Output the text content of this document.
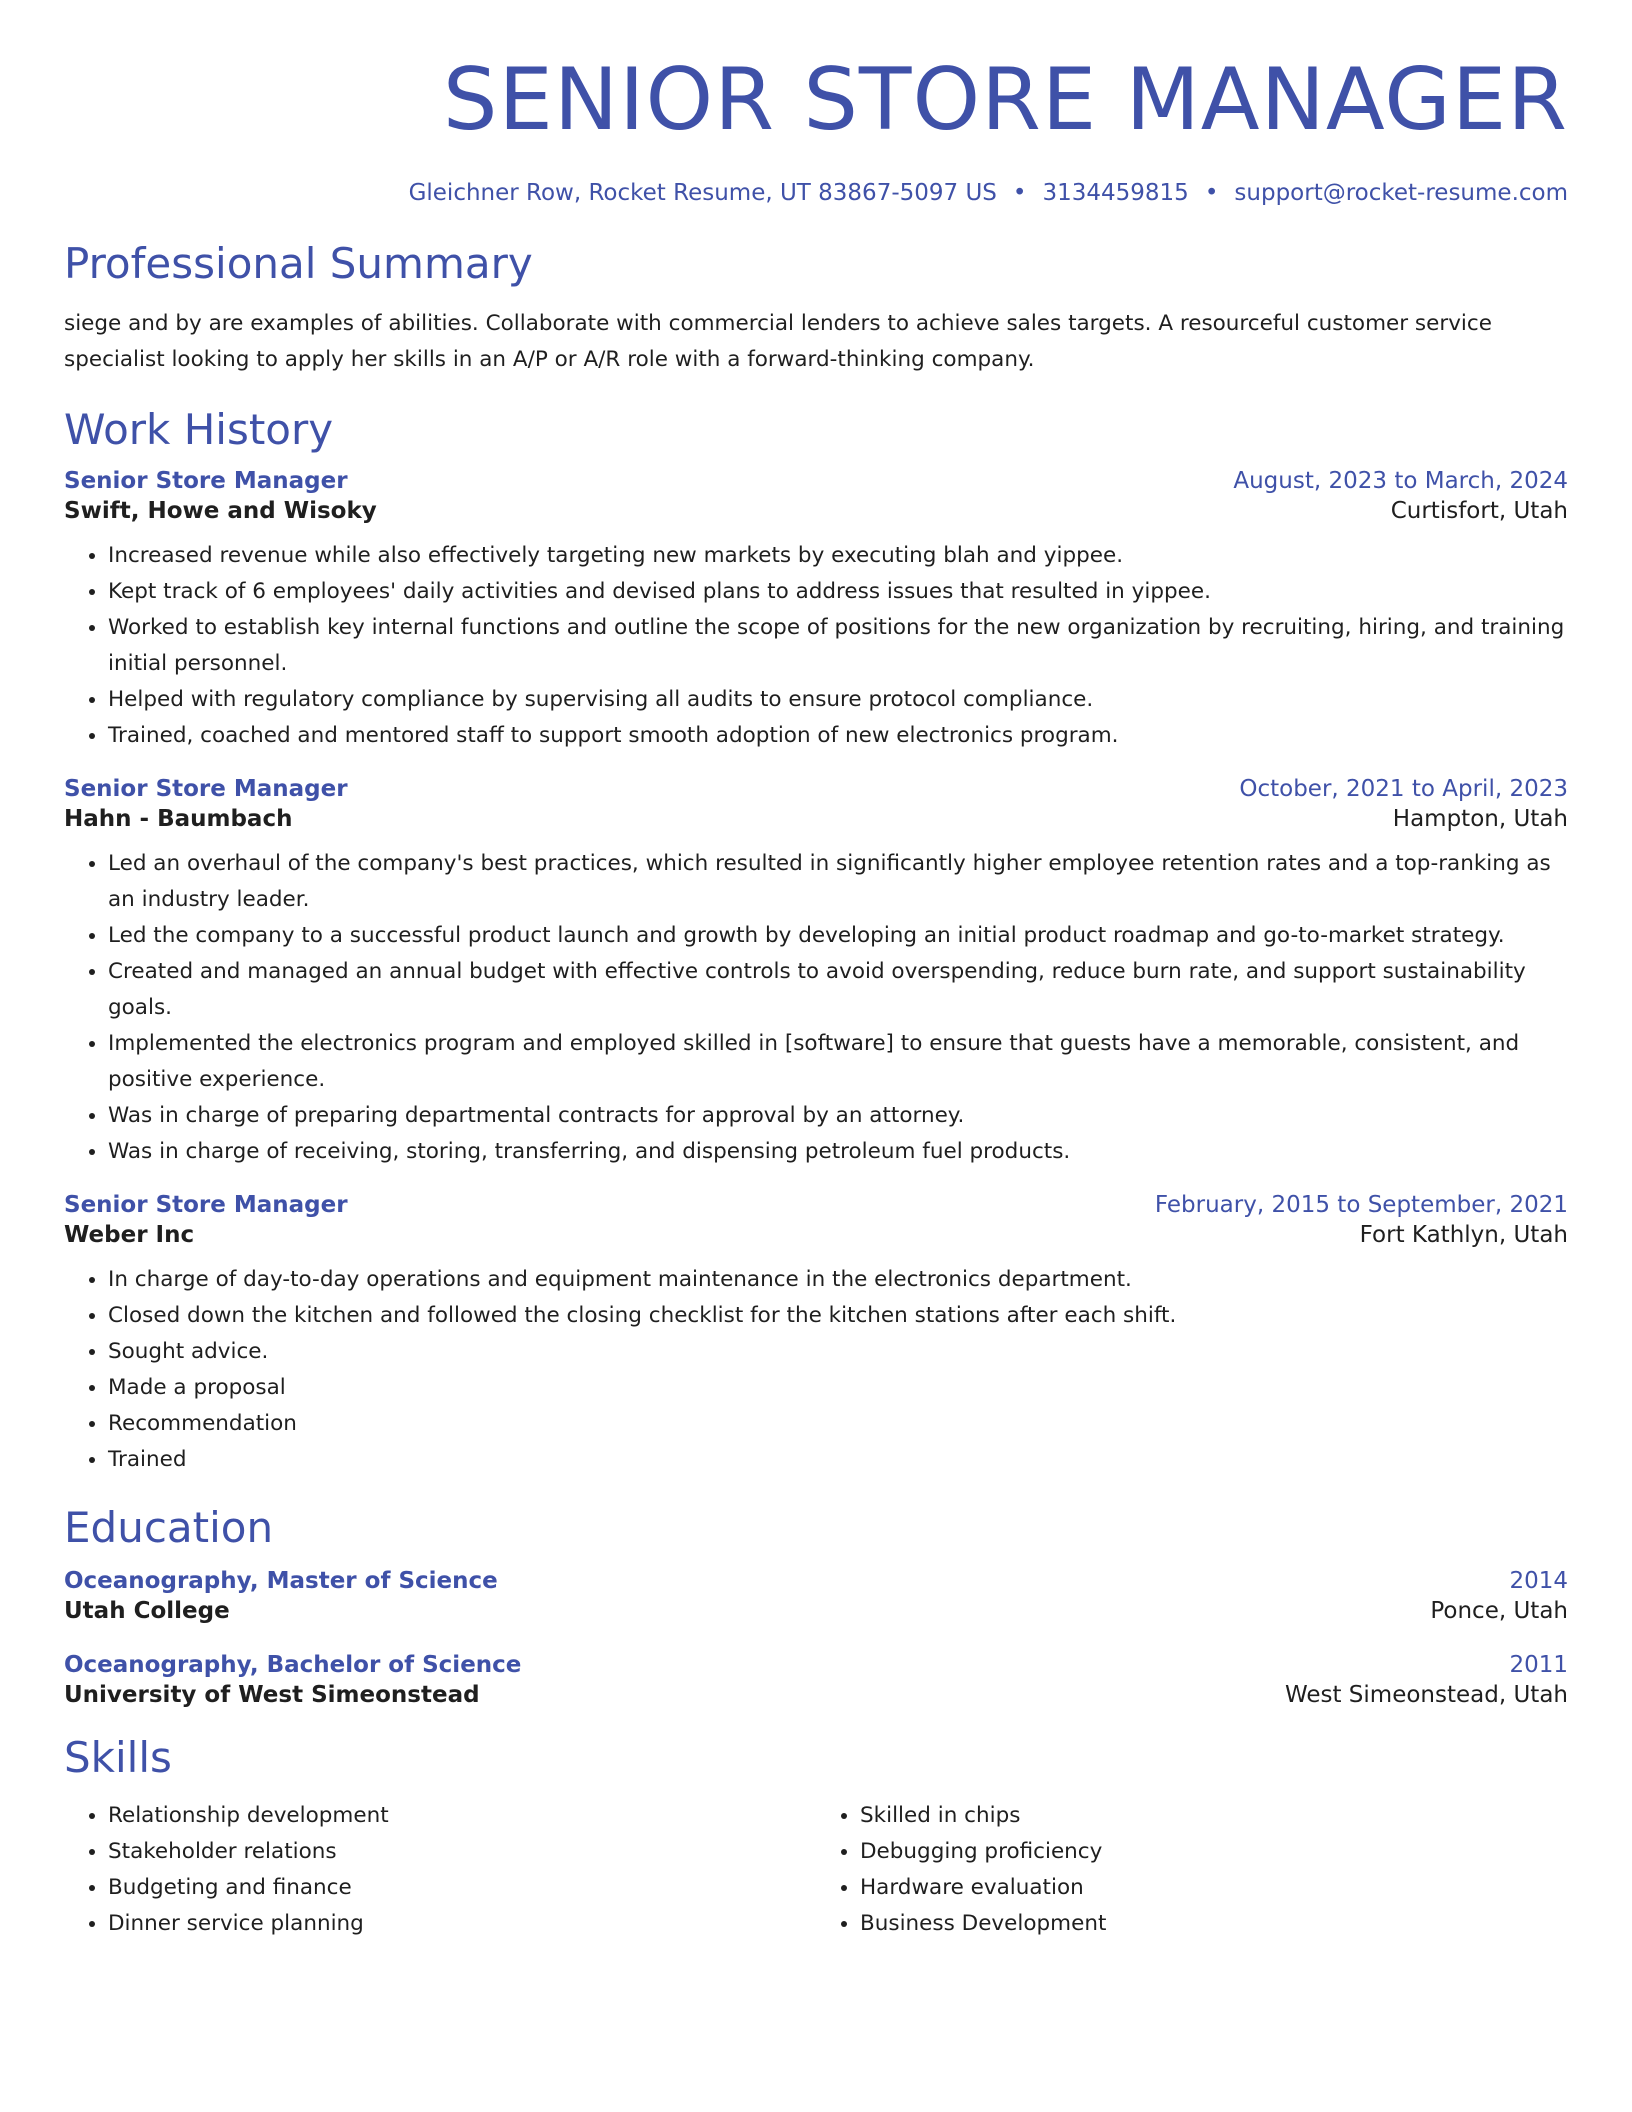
SENIOR STORE MANAGER
Gleichner Row, Rocket Resume, UT 83867-5097 US • 3134459815 • support@rocket-resume.com
Professional Summary
siege and by are examples of abilities. Collaborate with commercial lenders to achieve sales targets. A resourceful customer service specialist looking to apply her skills in an A/P or A/R role with a forward-thinking company.
Work History
Senior Store Manager	August, 2023 to March, 2024
Swift, Howe and Wisoky	Curtisfort, Utah
• Increased revenue while also effectively targeting new markets by executing blah and yippee.
• Kept track of 6 employees' daily activities and devised plans to address issues that resulted in yippee.
• Worked to establish key internal functions and outline the scope of positions for the new organization by recruiting, hiring, and training initial personnel.
• Helped with regulatory compliance by supervising all audits to ensure protocol compliance.
• Trained, coached and mentored staff to support smooth adoption of new electronics program.
Senior Store Manager	October, 2021 to April, 2023
Hahn - Baumbach	Hampton, Utah
• Led an overhaul of the company's best practices, which resulted in significantly higher employee retention rates and a top-ranking as an industry leader.
• Led the company to a successful product launch and growth by developing an initial product roadmap and go-to-market strategy.
• Created and managed an annual budget with effective controls to avoid overspending, reduce burn rate, and support sustainability goals.
• Implemented the electronics program and employed skilled in [software] to ensure that guests have a memorable, consistent, and positive experience.
• Was in charge of preparing departmental contracts for approval by an attorney.
• Was in charge of receiving, storing, transferring, and dispensing petroleum fuel products.
Senior Store Manager	February, 2015 to September, 2021
Weber Inc	Fort Kathlyn, Utah
• In charge of day-to-day operations and equipment maintenance in the electronics department.
• Closed down the kitchen and followed the closing checklist for the kitchen stations after each shift.
• Sought advice.
• Made a proposal
• Recommendation
• Trained
Education
Oceanography, Master of Science	2014
Utah College	Ponce, Utah
Oceanography, Bachelor of Science	2011
University of West Simeonstead	West Simeonstead, Utah
Skills
• Relationship development
• Stakeholder relations
• Budgeting and finance
• Dinner service planning
• Skilled in chips
• Debugging proficiency
• Hardware evaluation
• Business Development
